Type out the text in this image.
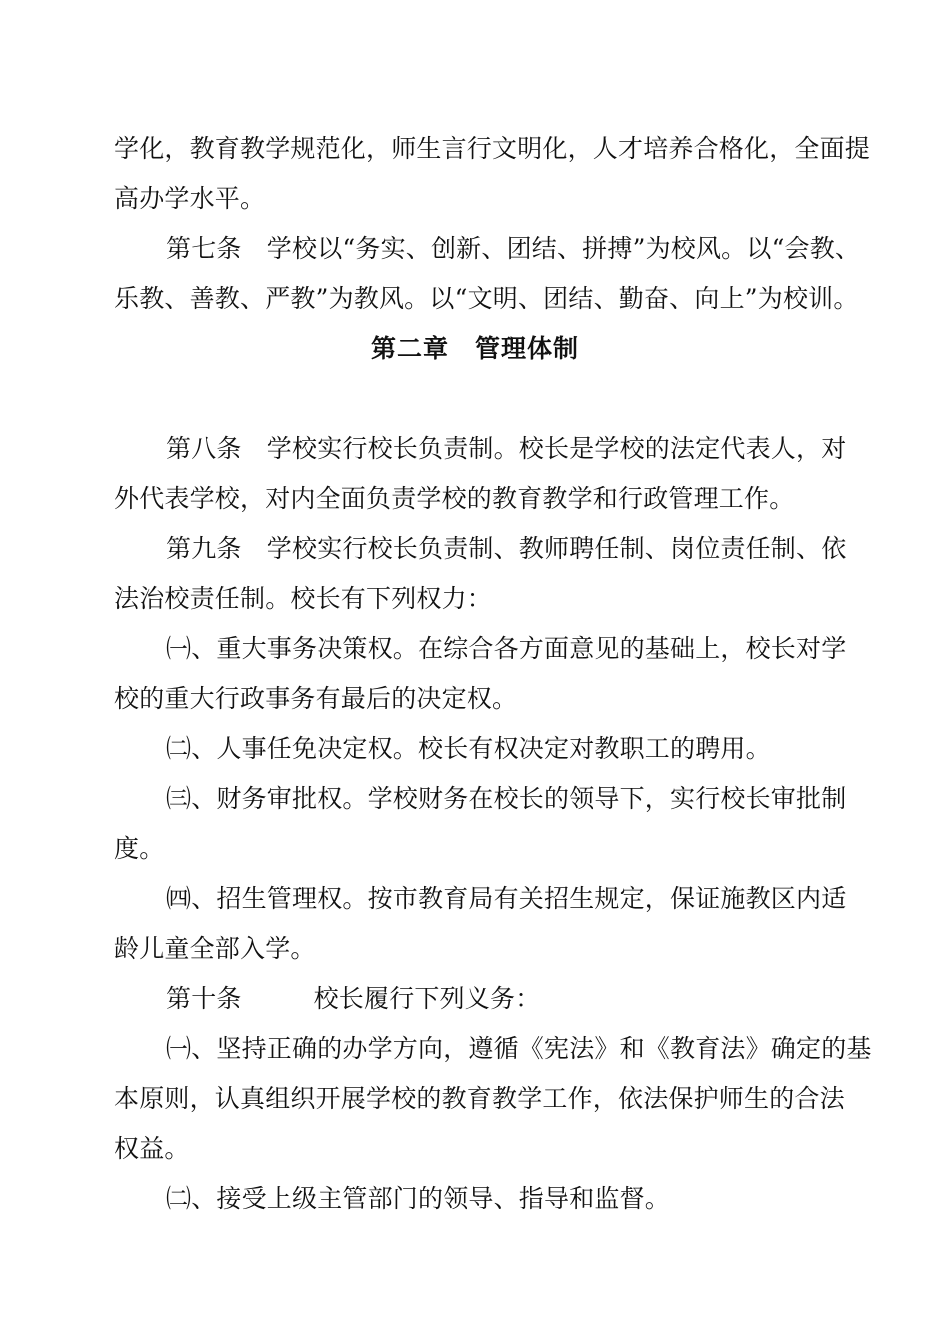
学化，教育教学规范化，师生言行文明化，人才培养合格化，全面提
高办学水平。
第七条　学校以“务实、创新、团结、拼搏”为校风。以“会教、
乐教、善教、严教”为教风。以“文明、团结、勤奋、向上”为校训。
第二章　管理体制
第八条　学校实行校长负责制。校长是学校的法定代表人，对
外代表学校，对内全面负责学校的教育教学和行政管理工作。
第九条　学校实行校长负责制、教师聘任制、岗位责任制、依
法治校责任制。校长有下列权力：
㈠、重大事务决策权。在综合各方面意见的基础上，校长对学
校的重大行政事务有最后的决定权。
㈡、人事任免决定权。校长有权决定对教职工的聘用。
㈢、财务审批权。学校财务在校长的领导下，实行校长审批制
度。
㈣、招生管理权。按市教育局有关招生规定，保证施教区内适
龄儿童全部入学。
第十条	校长履行下列义务：
㈠、坚持正确的办学方向，遵循《宪法》和《教育法》确定的基
本原则，认真组织开展学校的教育教学工作，依法保护师生的合法
权益。
㈡、接受上级主管部门的领导、指导和监督。
